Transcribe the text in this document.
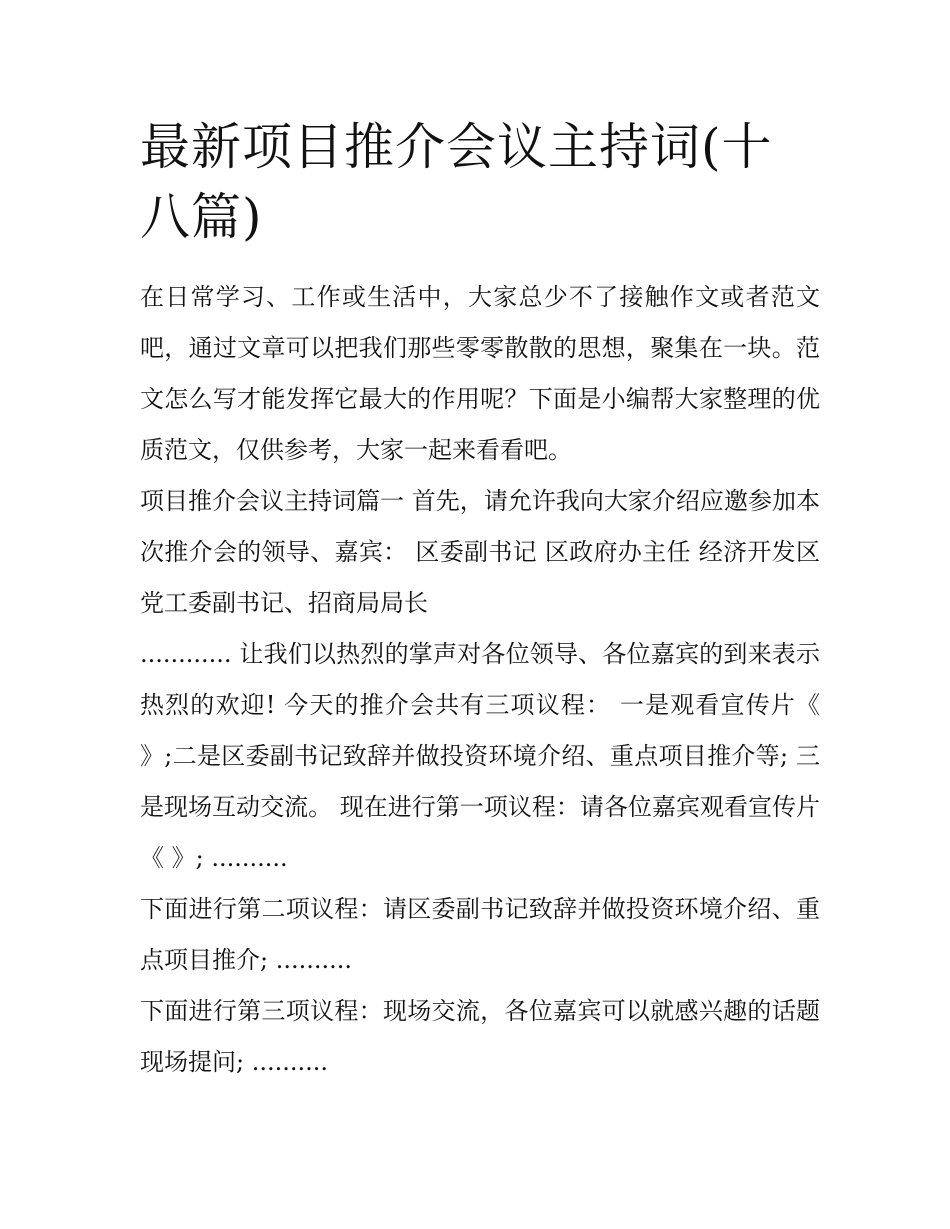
最新项目推介会议主持词(十八篇)

在日常学习、工作或生活中，大家总少不了接触作文或者范文吧，通过文章可以把我们那些零零散散的思想，聚集在一块。范文怎么写才能发挥它最大的作用呢？下面是小编帮大家整理的优质范文，仅供参考，大家一起来看看吧。

项目推介会议主持词篇一 首先，请允许我向大家介绍应邀参加本次推介会的领导、嘉宾： 区委副书记 区政府办主任 经济开发区党工委副书记、招商局局长

............ 让我们以热烈的掌声对各位领导、各位嘉宾的到来表示热烈的欢迎! 今天的推介会共有三项议程： 一是观看宣传片《 》;二是区委副书记致辞并做投资环境介绍、重点项目推介等; 三是现场互动交流。 现在进行第一项议程：请各位嘉宾观看宣传片《 》; ..........

下面进行第二项议程：请区委副书记致辞并做投资环境介绍、重点项目推介; ..........

下面进行第三项议程：现场交流，各位嘉宾可以就感兴趣的话题现场提问; ..........
